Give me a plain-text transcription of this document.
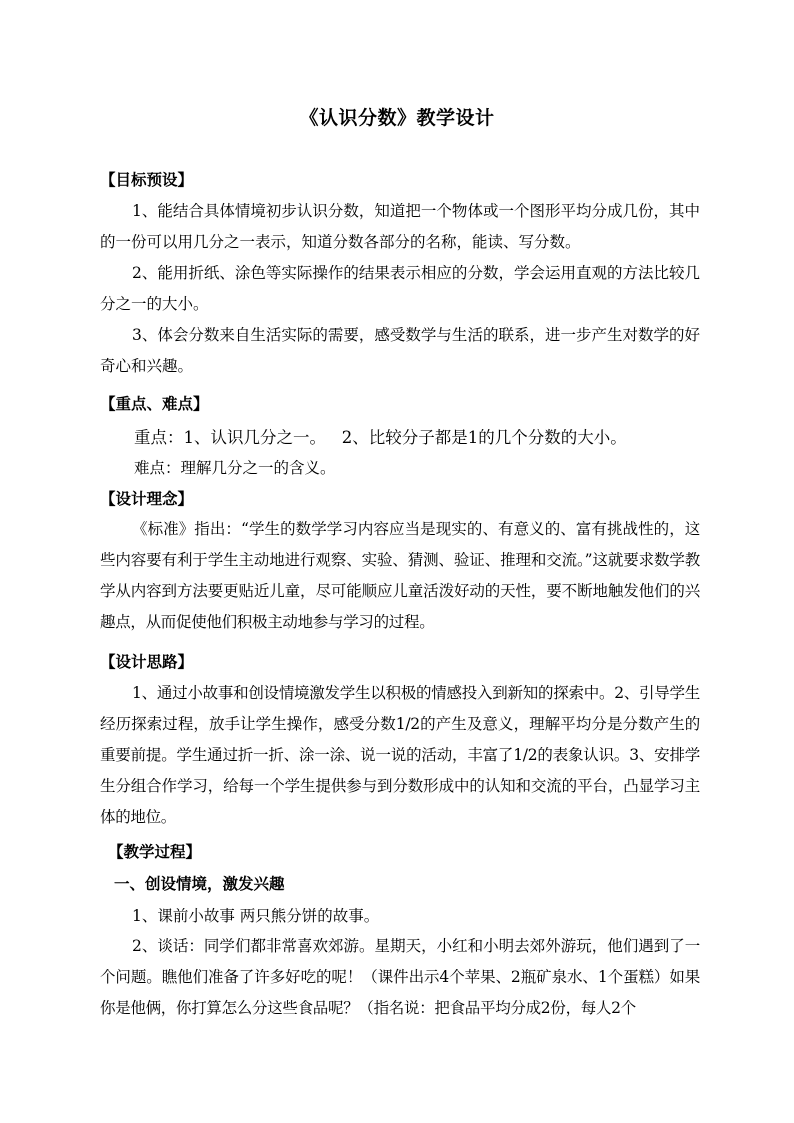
《认识分数》教学设计
【目标预设】
1、能结合具体情境初步认识分数，知道把一个物体或一个图形平均分成几份，其中的一份可以用几分之一表示，知道分数各部分的名称，能读、写分数。
2、能用折纸、涂色等实际操作的结果表示相应的分数，学会运用直观的方法比较几分之一的大小。
3、体会分数来自生活实际的需要，感受数学与生活的联系，进一步产生对数学的好奇心和兴趣。
【重点、难点】
重点：1、认识几分之一。   2、比较分子都是1的几个分数的大小。
难点：理解几分之一的含义。
【设计理念】
《标准》指出：“学生的数学学习内容应当是现实的、有意义的、富有挑战性的，这些内容要有利于学生主动地进行观察、实验、猜测、验证、推理和交流。”这就要求数学教学从内容到方法要更贴近儿童，尽可能顺应儿童活泼好动的天性，要不断地触发他们的兴趣点，从而促使他们积极主动地参与学习的过程。
【设计思路】
1、通过小故事和创设情境激发学生以积极的情感投入到新知的探索中。2、引导学生经历探索过程，放手让学生操作，感受分数1/2的产生及意义，理解平均分是分数产生的重要前提。学生通过折一折、涂一涂、说一说的活动，丰富了1/2的表象认识。3、安排学生分组合作学习，给每一个学生提供参与到分数形成中的认知和交流的平台，凸显学习主体的地位。
【教学过程】
一、创设情境，激发兴趣
1、课前小故事 两只熊分饼的故事。
2、谈话：同学们都非常喜欢郊游。星期天，小红和小明去郊外游玩，他们遇到了一个问题。瞧他们准备了许多好吃的呢！（课件出示4个苹果、2瓶矿泉水、1个蛋糕）如果你是他俩，你打算怎么分这些食品呢？（指名说：把食品平均分成2份，每人2个
